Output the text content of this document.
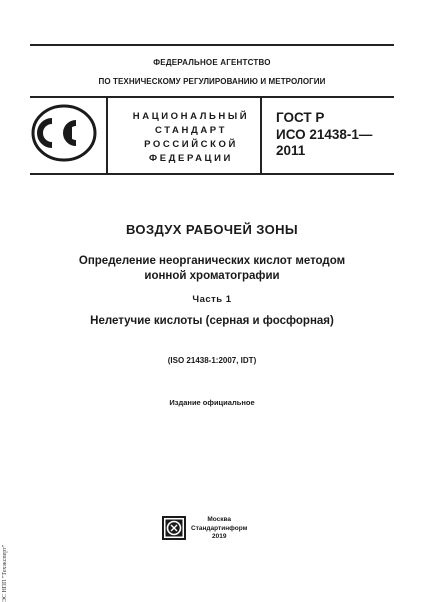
ФЕДЕРАЛЬНОЕ АГЕНТСТВО
ПО ТЕХНИЧЕСКОМУ РЕГУЛИРОВАНИЮ И МЕТРОЛОГИИ
НАЦИОНАЛЬНЫЙ
СТАНДАРТ
РОССИЙСКОЙ
ФЕДЕРАЦИИ
ГОСТ Р
ИСО 21438-1—
2011
ВОЗДУХ РАБОЧЕЙ ЗОНЫ
Определение неорганических кислот методом
ионной хроматографии
Часть 1
Нелетучие кислоты (серная и фосфорная)
(ISO 21438-1:2007, IDT)
Издание официальное
Москва
Стандартинформ
2019
ЭС НПП "Техэксперт"
